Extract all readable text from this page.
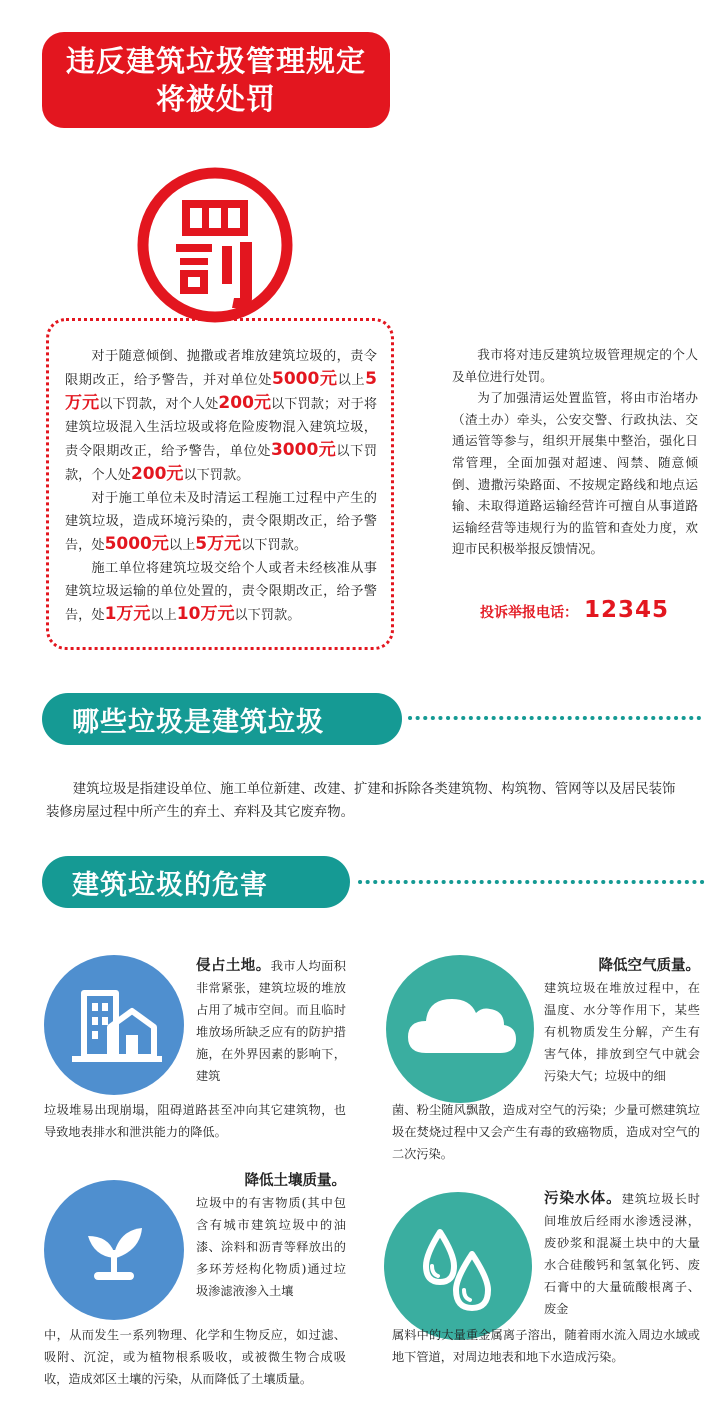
违反建筑垃圾管理规定
将被处罚

对于随意倾倒、抛撒或者堆放建筑垃圾的，责令限期改正，给予警告，并对单位处5000元以上5万元以下罚款，对个人处200元以下罚款；对于将建筑垃圾混入生活垃圾或将危险废物混入建筑垃圾，责令限期改正，给予警告，单位处3000元以下罚款，个人处200元以下罚款。

对于施工单位未及时清运工程施工过程中产生的建筑垃圾，造成环境污染的，责令限期改正，给予警告，处5000元以上5万元以下罚款。

施工单位将建筑垃圾交给个人或者未经核准从事建筑垃圾运输的单位处置的，责令限期改正，给予警告，处1万元以上10万元以下罚款。

我市将对违反建筑垃圾管理规定的个人及单位进行处罚。

为了加强清运处置监管，将由市治堵办（渣土办）牵头，公安交警、行政执法、交通运管等参与，组织开展集中整治，强化日常管理，全面加强对超速、闯禁、随意倾倒、遗撒污染路面、不按规定路线和地点运输、未取得道路运输经营许可擅自从事道路运输经营等违规行为的监管和查处力度，欢迎市民积极举报反馈情况。

投诉举报电话： 12345
哪些垃圾是建筑垃圾

建筑垃圾是指建设单位、施工单位新建、改建、扩建和拆除各类建筑物、构筑物、管网等以及居民装饰装修房屋过程中所产生的弃土、弃料及其它废弃物。

建筑垃圾的危害
侵占土地。我市人均面积非常紧张，建筑垃圾的堆放占用了城市空间。而且临时堆放场所缺乏应有的防护措施，在外界因素的影响下，建筑
垃圾堆易出现崩塌，阻碍道路甚至冲向其它建筑物，也导致地表排水和泄洪能力的降低。
降低空气质量。
建筑垃圾在堆放过程中，在温度、水分等作用下，某些有机物质发生分解，产生有害气体，排放到空气中就会污染大气；垃圾中的细
菌、粉尘随风飘散，造成对空气的污染；少量可燃建筑垃圾在焚烧过程中又会产生有毒的致癌物质，造成对空气的二次污染。
降低土壤质量。
垃圾中的有害物质(其中包含有城市建筑垃圾中的油漆、涂料和沥青等释放出的多环芳烃构化物质)通过垃圾渗滤液渗入土壤
中，从而发生一系列物理、化学和生物反应，如过滤、吸附、沉淀，或为植物根系吸收，或被微生物合成吸收，造成郊区土壤的污染，从而降低了土壤质量。
污染水体。建筑垃圾长时间堆放后经雨水渗透浸淋，废砂浆和混凝土块中的大量水合硅酸钙和氢氧化钙、废石膏中的大量硫酸根离子、废金
属料中的大量重金属离子溶出，随着雨水流入周边水域或地下管道，对周边地表和地下水造成污染。
